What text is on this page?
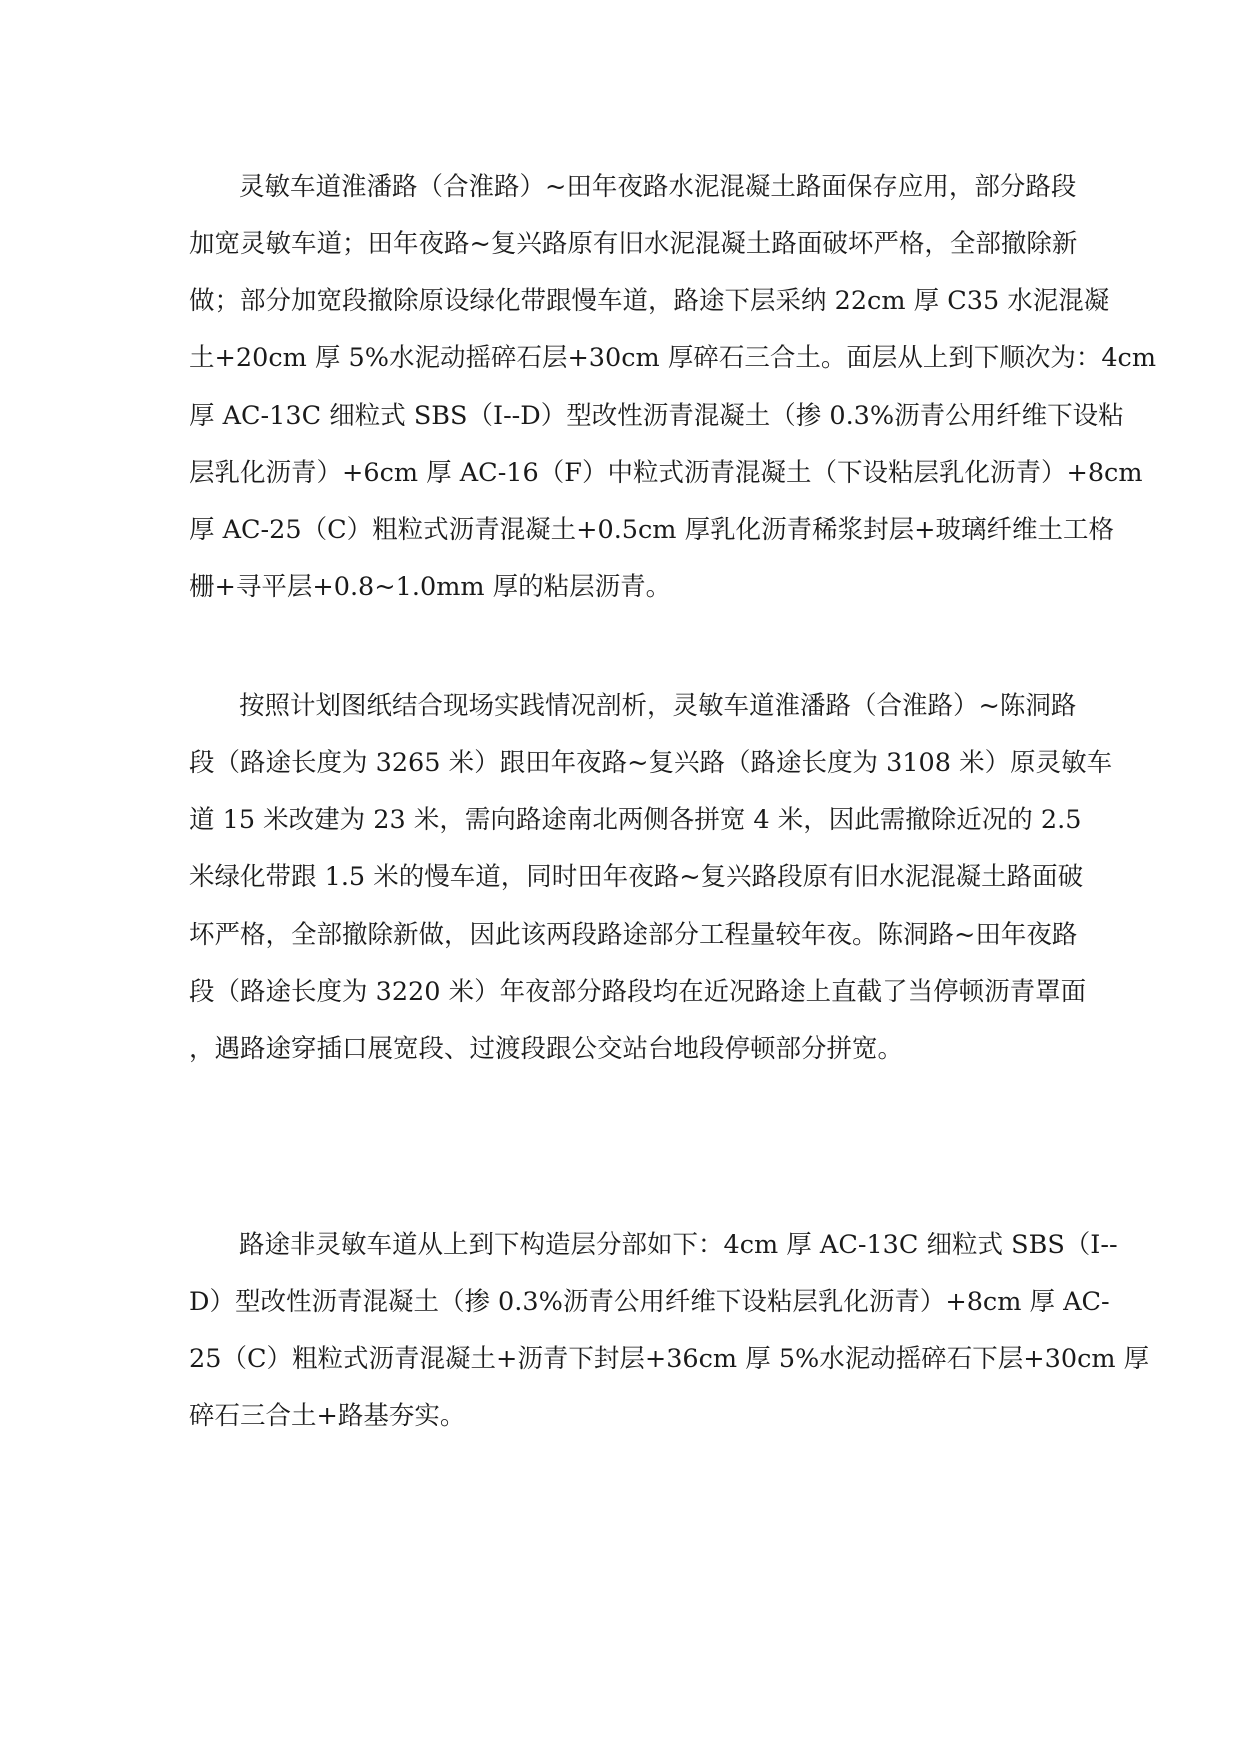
灵敏车道淮潘路（合淮路）~田年夜路水泥混凝土路面保存应用，部分路段
加宽灵敏车道；田年夜路~复兴路原有旧水泥混凝土路面破坏严格，全部撤除新
做；部分加宽段撤除原设绿化带跟慢车道，路途下层采纳 22cm 厚 C35 水泥混凝
土+20cm 厚 5%水泥动摇碎石层+30cm 厚碎石三合土。面层从上到下顺次为：4cm
厚 AC-13C 细粒式 SBS（I--D）型改性沥青混凝土（掺 0.3%沥青公用纤维下设粘
层乳化沥青）+6cm 厚 AC-16（F）中粒式沥青混凝土（下设粘层乳化沥青）+8cm
厚 AC-25（C）粗粒式沥青混凝土+0.5cm 厚乳化沥青稀浆封层+玻璃纤维土工格
栅+寻平层+0.8~1.0mm 厚的粘层沥青。
按照计划图纸结合现场实践情况剖析，灵敏车道淮潘路（合淮路）~陈洞路
段（路途长度为 3265 米）跟田年夜路~复兴路（路途长度为 3108 米）原灵敏车
道 15 米改建为 23 米，需向路途南北两侧各拼宽 4 米，因此需撤除近况的 2.5
米绿化带跟 1.5 米的慢车道，同时田年夜路~复兴路段原有旧水泥混凝土路面破
坏严格，全部撤除新做，因此该两段路途部分工程量较年夜。陈洞路~田年夜路
段（路途长度为 3220 米）年夜部分路段均在近况路途上直截了当停顿沥青罩面
，遇路途穿插口展宽段、过渡段跟公交站台地段停顿部分拼宽。
路途非灵敏车道从上到下构造层分部如下：4cm 厚 AC-13C 细粒式 SBS（I--
D）型改性沥青混凝土（掺 0.3%沥青公用纤维下设粘层乳化沥青）+8cm 厚 AC-
25（C）粗粒式沥青混凝土+沥青下封层+36cm 厚 5%水泥动摇碎石下层+30cm 厚
碎石三合土+路基夯实。
